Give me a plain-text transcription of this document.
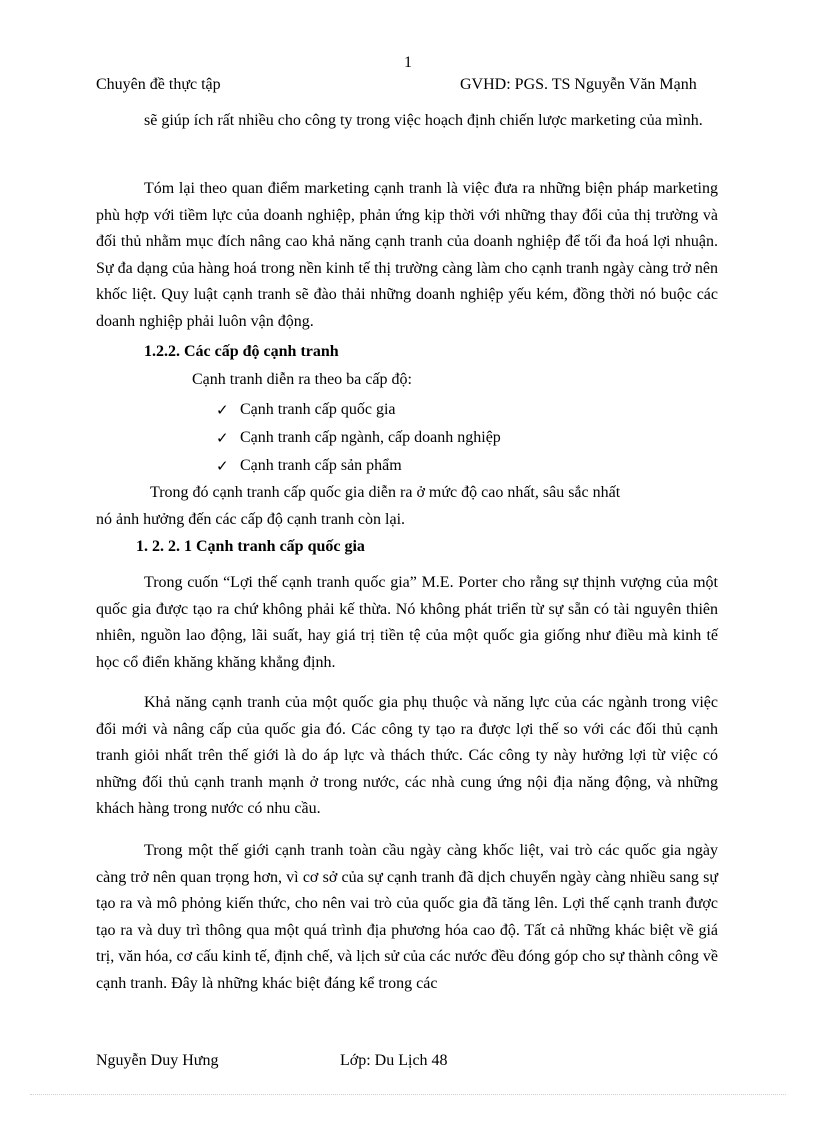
1
Chuyên đề thực tập	GVHD: PGS. TS Nguyễn Văn Mạnh

sẽ giúp ích rất nhiều cho công ty trong việc hoạch định chiến lược marketing của mình.

Tóm lại theo quan điểm marketing cạnh tranh là việc đưa ra những biện pháp marketing phù hợp với tiềm lực của doanh nghiệp, phản ứng kịp thời với những thay đổi của thị trường và đối thủ nhằm mục đích nâng cao khả năng cạnh tranh của doanh nghiệp để tối đa hoá lợi nhuận. Sự đa dạng của hàng hoá trong nền kinh tế thị trường càng làm cho cạnh tranh ngày càng trở nên khốc liệt. Quy luật cạnh tranh sẽ đào thải những doanh nghiệp yếu kém, đồng thời nó buộc các doanh nghiệp phải luôn vận động.

1.2.2. Các cấp độ cạnh tranh
Cạnh tranh diễn ra theo ba cấp độ:
✓ Cạnh tranh cấp quốc gia
✓ Cạnh tranh cấp ngành, cấp doanh nghiệp
✓ Cạnh tranh cấp sản phẩm
Trong đó cạnh tranh cấp quốc gia diễn ra ở mức độ cao nhất, sâu sắc nhất
nó ảnh hưởng đến các cấp độ cạnh tranh còn lại.
1. 2. 2. 1 Cạnh tranh cấp quốc gia

Trong cuốn “Lợi thế cạnh tranh quốc gia” M.E. Porter cho rằng sự thịnh vượng của một quốc gia được tạo ra chứ không phải kế thừa. Nó không phát triển từ sự sẵn có tài nguyên thiên nhiên, nguồn lao động, lãi suất, hay giá trị tiền tệ của một quốc gia giống như điều mà kinh tế học cổ điển khăng khăng khẳng định.

Khả năng cạnh tranh của một quốc gia phụ thuộc và năng lực của các ngành trong việc đổi mới và nâng cấp của quốc gia đó. Các công ty tạo ra được lợi thế so với các đối thủ cạnh tranh giỏi nhất trên thế giới là do áp lực và thách thức. Các công ty này hưởng lợi từ việc có những đối thủ cạnh tranh mạnh ở trong nước, các nhà cung ứng nội địa năng động, và những khách hàng trong nước có nhu cầu.

Trong một thế giới cạnh tranh toàn cầu ngày càng khốc liệt, vai trò các quốc gia ngày càng trở nên quan trọng hơn, vì cơ sở của sự cạnh tranh đã dịch chuyển ngày càng nhiều sang sự tạo ra và mô phỏng kiến thức, cho nên vai trò của quốc gia đã tăng lên. Lợi thế cạnh tranh được tạo ra và duy trì thông qua một quá trình địa phương hóa cao độ. Tất cả những khác biệt về giá trị, văn hóa, cơ cấu kinh tế, định chế, và lịch sử của các nước đều đóng góp cho sự thành công về cạnh tranh. Đây là những khác biệt đáng kể trong các

Nguyễn Duy Hưng	Lớp: Du Lịch 48
